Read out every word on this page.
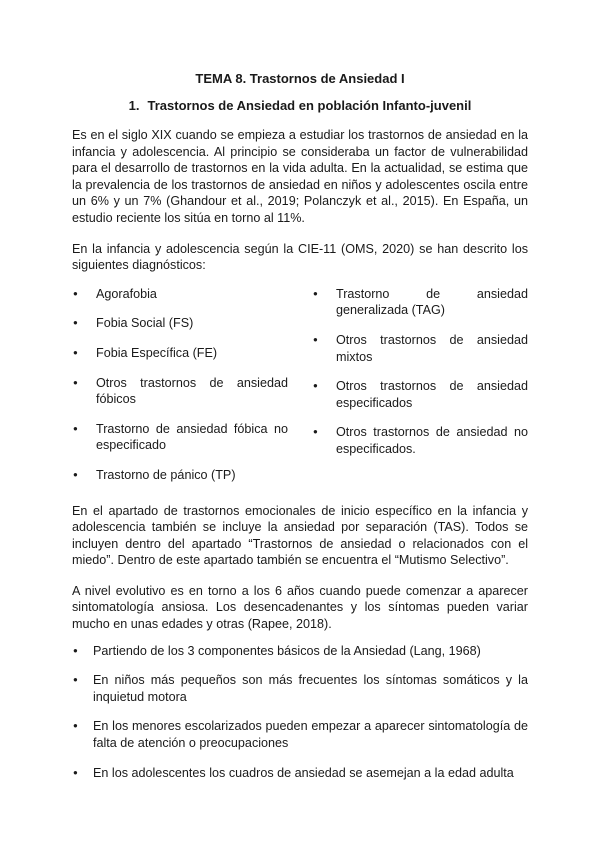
TEMA 8. Trastornos de Ansiedad I
1. Trastornos de Ansiedad en población Infanto-juvenil

Es en el siglo XIX cuando se empieza a estudiar los trastornos de ansiedad en la infancia y adolescencia. Al principio se consideraba un factor de vulnerabilidad para el desarrollo de trastornos en la vida adulta. En la actualidad, se estima que la prevalencia de los trastornos de ansiedad en niños y adolescentes oscila entre un 6% y un 7% (Ghandour et al., 2019; Polanczyk et al., 2015). En España, un estudio reciente los sitúa en torno al 11%.

En la infancia y adolescencia según la CIE-11 (OMS, 2020) se han descrito los siguientes diagnósticos:

● Agorafobia
● Fobia Social (FS)
● Fobia Específica (FE)
● Otros trastornos de ansiedad fóbicos
● Trastorno de ansiedad fóbica no especificado
● Trastorno de pánico (TP)
● Trastorno de ansiedad generalizada (TAG)
● Otros trastornos de ansiedad mixtos
● Otros trastornos de ansiedad especificados
● Otros trastornos de ansiedad no especificados.

En el apartado de trastornos emocionales de inicio específico en la infancia y adolescencia también se incluye la ansiedad por separación (TAS). Todos se incluyen dentro del apartado “Trastornos de ansiedad o relacionados con el miedo”. Dentro de este apartado también se encuentra el “Mutismo Selectivo”.

A nivel evolutivo es en torno a los 6 años cuando puede comenzar a aparecer sintomatología ansiosa. Los desencadenantes y los síntomas pueden variar mucho en unas edades y otras (Rapee, 2018).

● Partiendo de los 3 componentes básicos de la Ansiedad (Lang, 1968)
● En niños más pequeños son más frecuentes los síntomas somáticos y la inquietud motora
● En los menores escolarizados pueden empezar a aparecer sintomatología de falta de atención o preocupaciones
● En los adolescentes los cuadros de ansiedad se asemejan a la edad adulta
